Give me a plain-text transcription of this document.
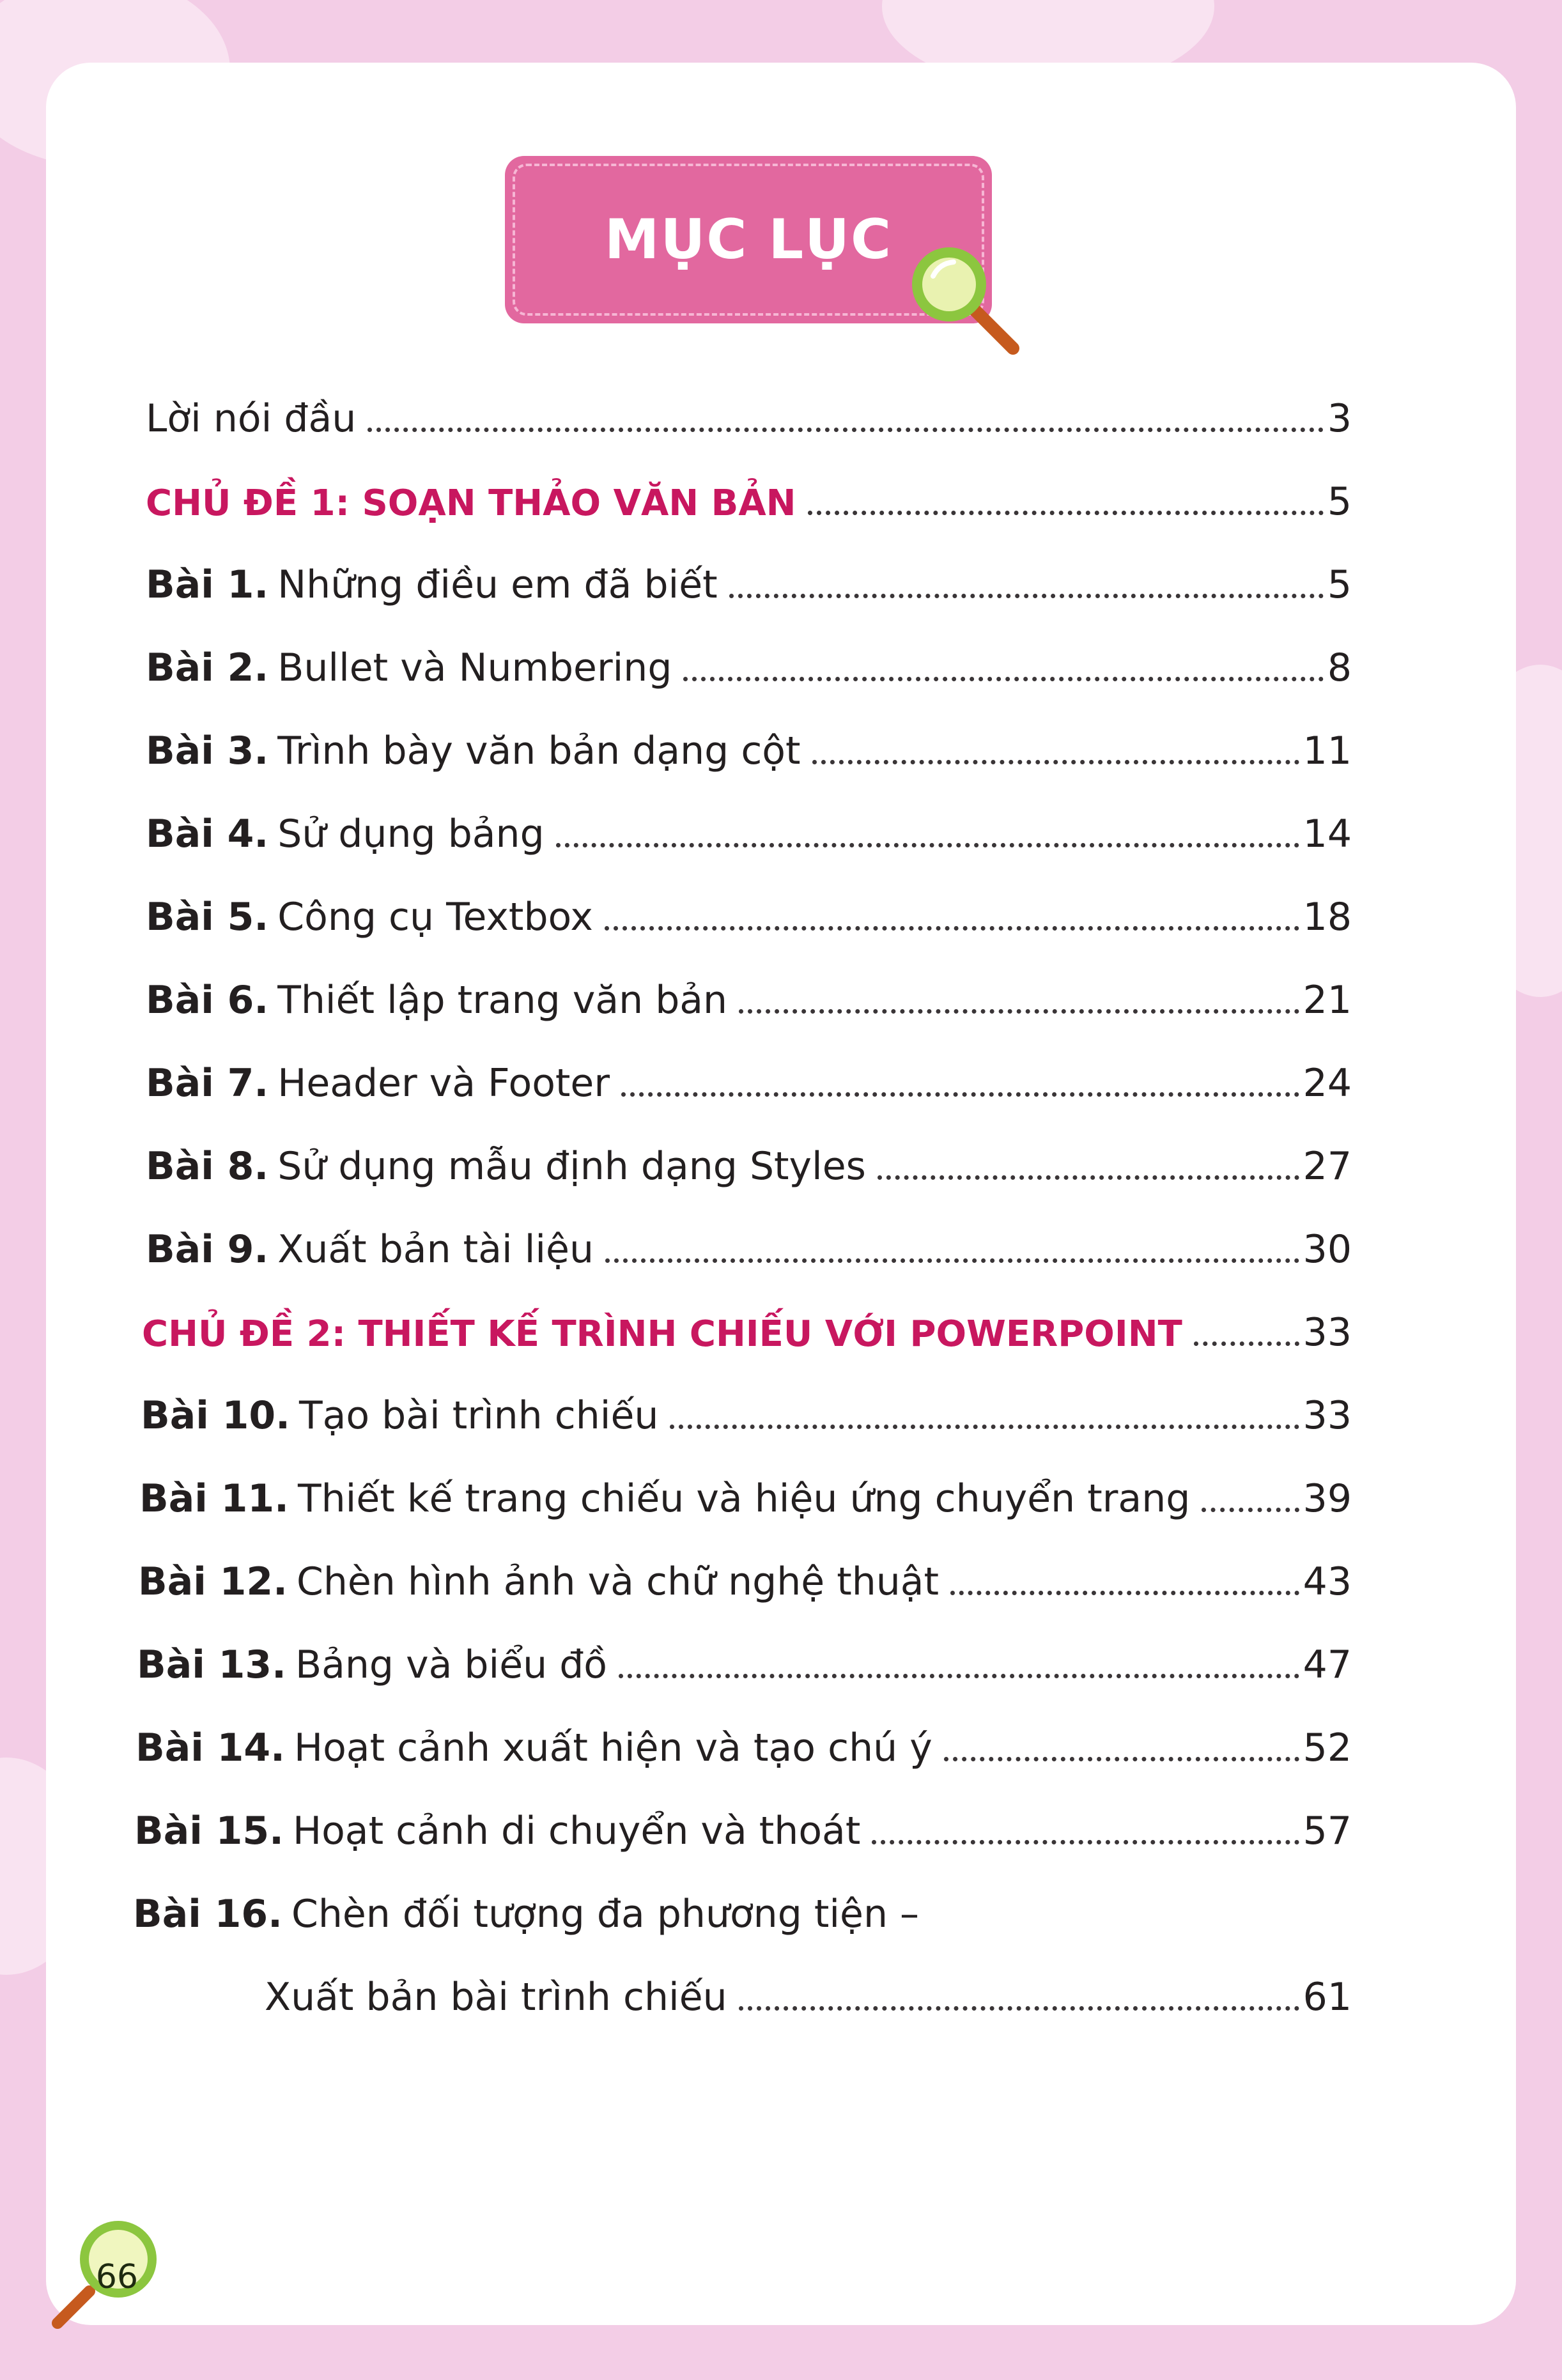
MỤC LỤC
Lời nói đầu	3
CHỦ ĐỀ 1: SOẠN THẢO VĂN BẢN	5
Bài 1. Những điều em đã biết	5
Bài 2. Bullet và Numbering	8
Bài 3. Trình bày văn bản dạng cột	11
Bài 4. Sử dụng bảng	14
Bài 5. Công cụ Textbox	18
Bài 6. Thiết lập trang văn bản	21
Bài 7. Header và Footer	24
Bài 8. Sử dụng mẫu định dạng Styles	27
Bài 9. Xuất bản tài liệu	30
CHỦ ĐỀ 2: THIẾT KẾ TRÌNH CHIẾU VỚI POWERPOINT	33
Bài 10. Tạo bài trình chiếu	33
Bài 11. Thiết kế trang chiếu và hiệu ứng chuyển trang	39
Bài 12. Chèn hình ảnh và chữ nghệ thuật	43
Bài 13. Bảng và biểu đồ	47
Bài 14. Hoạt cảnh xuất hiện và tạo chú ý	52
Bài 15. Hoạt cảnh di chuyển và thoát	57
Bài 16. Chèn đối tượng đa phương tiện –
Xuất bản bài trình chiếu	61
66
